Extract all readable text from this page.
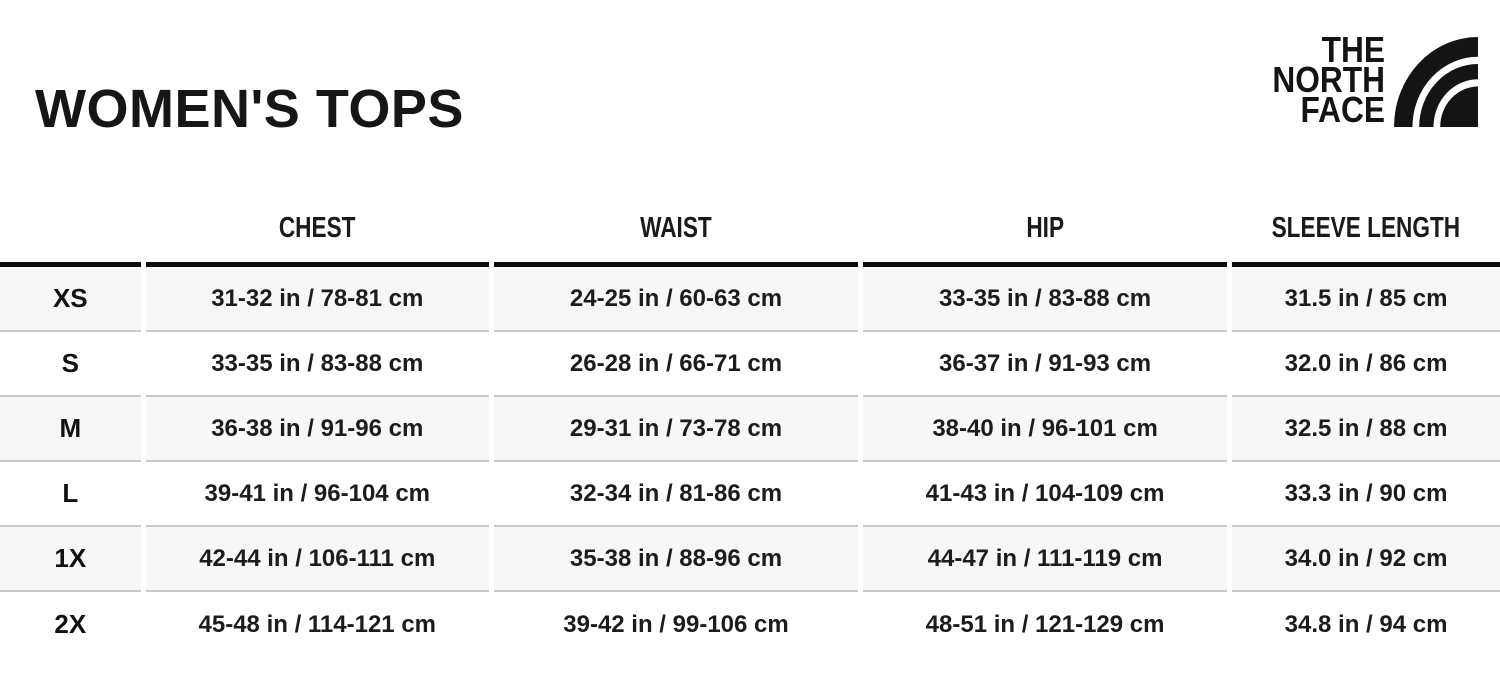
WOMEN'S TOPS
THE
NORTH
FACE
	CHEST	WAIST	HIP	SLEEVE LENGTH
XS	31-32 in / 78-81 cm	24-25 in / 60-63 cm	33-35 in / 83-88 cm	31.5 in / 85 cm
S	33-35 in / 83-88 cm	26-28 in / 66-71 cm	36-37 in / 91-93 cm	32.0 in / 86 cm
M	36-38 in / 91-96 cm	29-31 in / 73-78 cm	38-40 in / 96-101 cm	32.5 in / 88 cm
L	39-41 in / 96-104 cm	32-34 in / 81-86 cm	41-43 in / 104-109 cm	33.3 in / 90 cm
1X	42-44 in / 106-111 cm	35-38 in / 88-96 cm	44-47 in / 111-119 cm	34.0 in / 92 cm
2X	45-48 in / 114-121 cm	39-42 in / 99-106 cm	48-51 in / 121-129 cm	34.8 in / 94 cm
